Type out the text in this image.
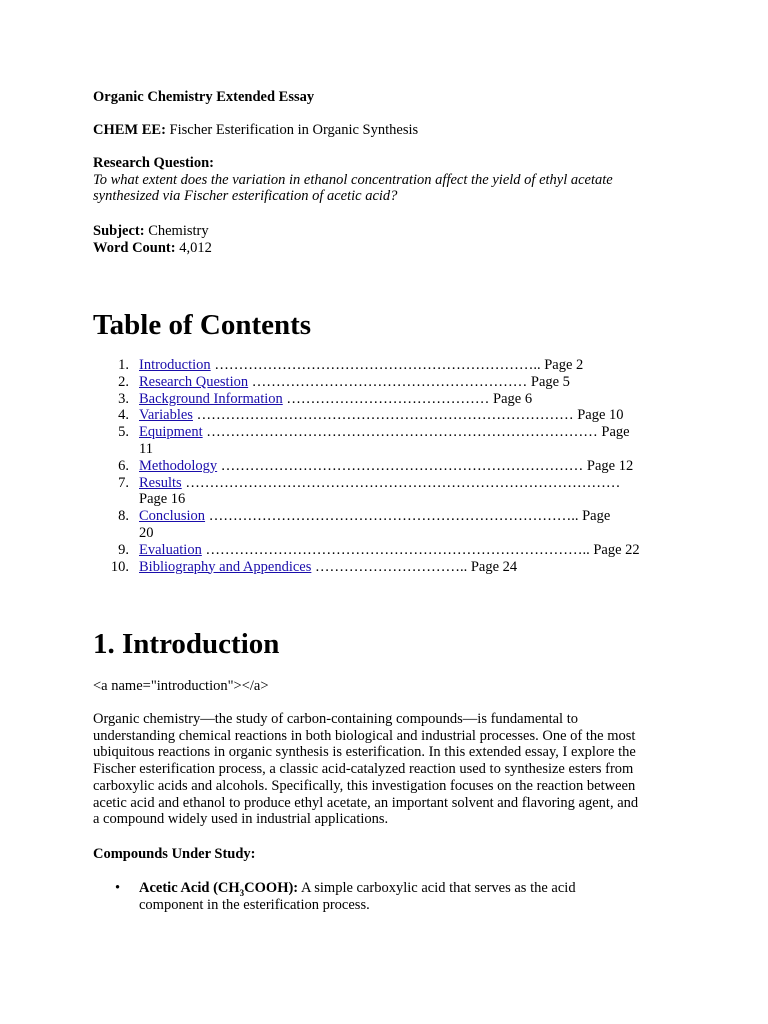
Organic Chemistry Extended Essay
CHEM EE: Fischer Esterification in Organic Synthesis
Research Question:
To what extent does the variation in ethanol concentration affect the yield of ethyl acetate
synthesized via Fischer esterification of acetic acid?
Subject: Chemistry
Word Count: 4,012
Table of Contents
1. Introduction ………………………………………………………….. Page 2
2. Research Question ………………………………………………… Page 5
3. Background Information …………………………………… Page 6
4. Variables …………………………………………………………………… Page 10
5. Equipment ……………………………………………………………………… Page
11
6. Methodology ………………………………………………………………… Page 12
7. Results ………………………………………………………………………………
Page 16
8. Conclusion ………………………………………………………………….. Page
20
9. Evaluation …………………………………………………………………….. Page 22
10. Bibliography and Appendices ………………………….. Page 24
1. Introduction
<a name="introduction"></a>
Organic chemistry—the study of carbon-containing compounds—is fundamental to
understanding chemical reactions in both biological and industrial processes. One of the most
ubiquitous reactions in organic synthesis is esterification. In this extended essay, I explore the
Fischer esterification process, a classic acid-catalyzed reaction used to synthesize esters from
carboxylic acids and alcohols. Specifically, this investigation focuses on the reaction between
acetic acid and ethanol to produce ethyl acetate, an important solvent and flavoring agent, and
a compound widely used in industrial applications.
Compounds Under Study:
• Acetic Acid $(CH_3COOH)$: A simple carboxylic acid that serves as the acid
component in the esterification process.
